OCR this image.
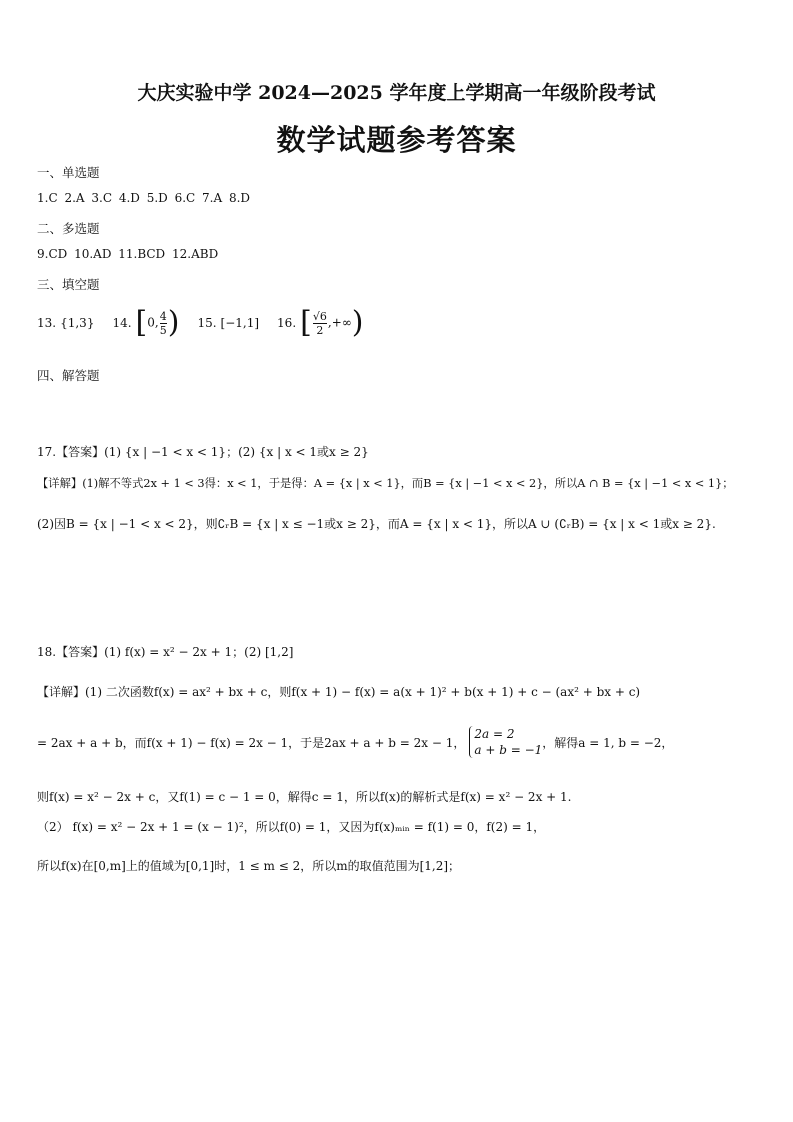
大庆实验中学 2024—2025 学年度上学期高一年级阶段考试
数学试题参考答案
一、单选题
1.C 2.A 3.C 4.D 5.D 6.C 7.A 8.D
二、多选题
9.CD 10.AD 11.BCD 12.ABD
三、填空题
13. {1,3} 14. [0, $\frac{4}{5}$ ) 15. [−1,1] 16. [ $\frac{√6}{2}$ ,+∞)
四、解答题
17.【答案】(1) {x | −1 < x < 1}；(2) {x | x < 1或x ≥ 2}
【详解】(1)解不等式2x + 1 < 3得：x < 1，于是得：A = {x | x < 1}，而B = {x | −1 < x < 2}，所以A ∩ B = {x | −1 < x < 1}；
(2)因B = {x | −1 < x < 2}，则∁ᵣB = {x | x ≤ −1或x ≥ 2}，而A = {x | x < 1}，所以A ∪ (∁ᵣB) = {x | x < 1或x ≥ 2}.
18.【答案】(1) f(x) = x² − 2x + 1；(2) [1,2]
【详解】(1) 二次函数f(x) = ax² + bx + c，则f(x + 1) − f(x) = a(x + 1)² + b(x + 1) + c − (ax² + bx + c)
= 2ax + a + b，而f(x + 1) − f(x) = 2x − 1，于是2ax + a + b = 2x − 1，
2a = 2
a + b = −1
，解得a = 1, b = −2，
则f(x) = x² − 2x + c，又f(1) = c − 1 = 0，解得c = 1，所以f(x)的解析式是f(x) = x² − 2x + 1.
（2） f(x) = x² − 2x + 1 = (x − 1)²，所以f(0) = 1，又因为f(x)ₘᵢₙ = f(1) = 0，f(2) = 1，
所以f(x)在[0,m]上的值域为[0,1]时，1 ≤ m ≤ 2，所以m的取值范围为[1,2]；
